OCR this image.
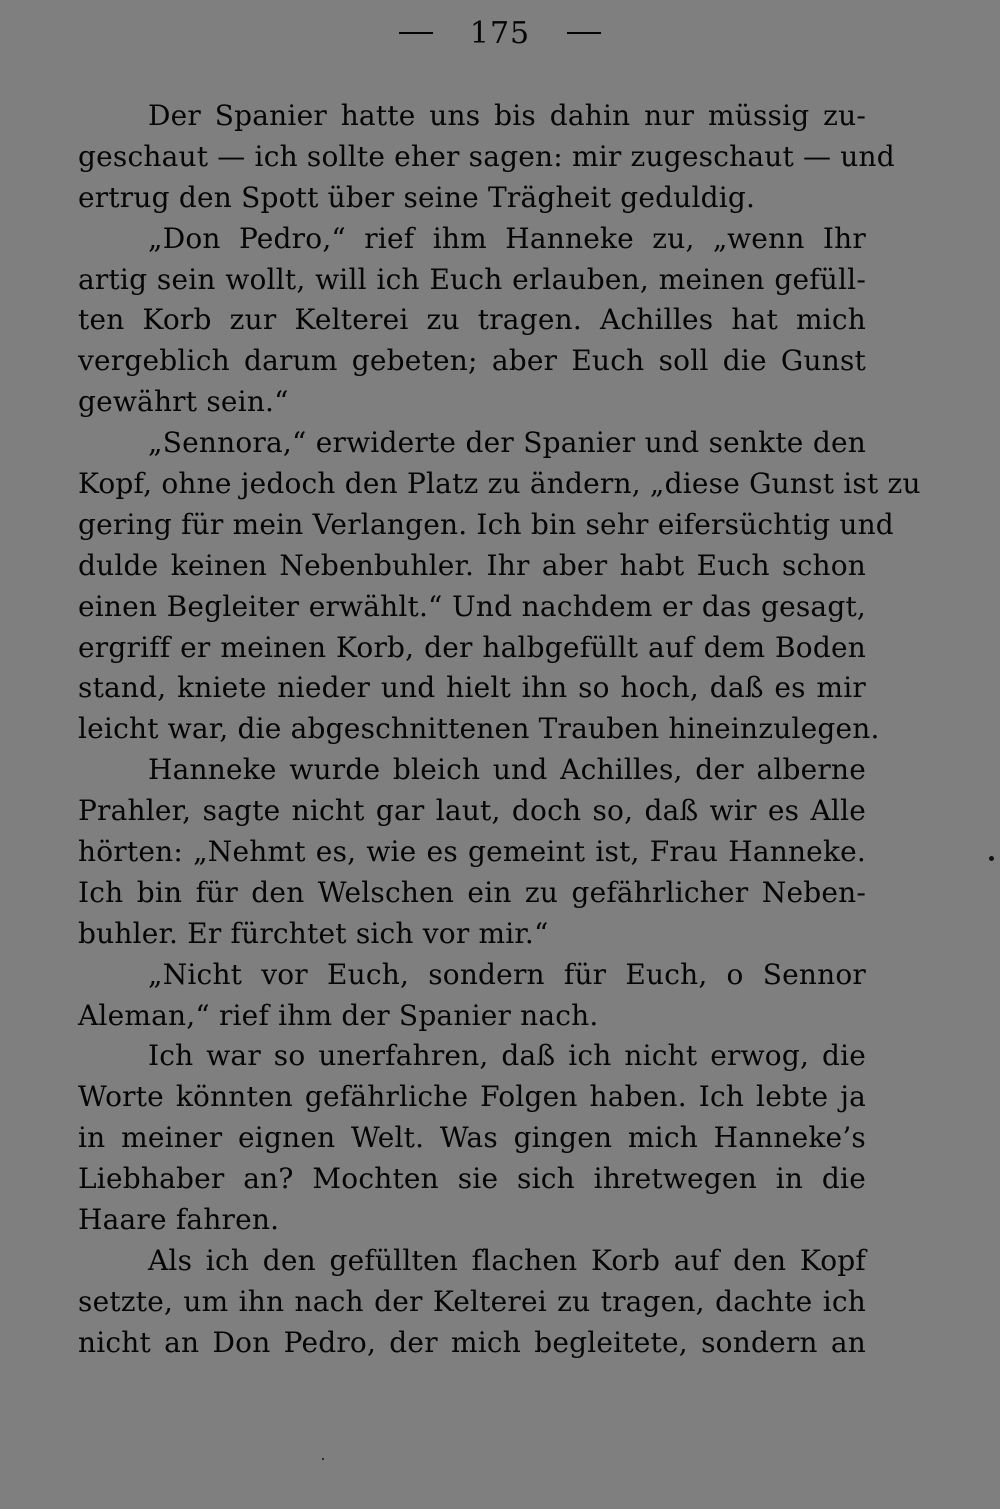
175
Der Spanier hatte uns bis dahin nur müssig zu-
geschaut — ich sollte eher sagen: mir zugeschaut — und
ertrug den Spott über seine Trägheit geduldig.
„Don Pedro,“ rief ihm Hanneke zu, „wenn Ihr
artig sein wollt, will ich Euch erlauben, meinen gefüll-
ten Korb zur Kelterei zu tragen. Achilles hat mich
vergeblich darum gebeten; aber Euch soll die Gunst
gewährt sein.“
„Sennora,“ erwiderte der Spanier und senkte den
Kopf, ohne jedoch den Platz zu ändern, „diese Gunst ist zu
gering für mein Verlangen. Ich bin sehr eifersüchtig und
dulde keinen Nebenbuhler. Ihr aber habt Euch schon
einen Begleiter erwählt.“ Und nachdem er das gesagt,
ergriff er meinen Korb, der halbgefüllt auf dem Boden
stand, kniete nieder und hielt ihn so hoch, daß es mir
leicht war, die abgeschnittenen Trauben hineinzulegen.
Hanneke wurde bleich und Achilles, der alberne
Prahler, sagte nicht gar laut, doch so, daß wir es Alle
hörten: „Nehmt es, wie es gemeint ist, Frau Hanneke.
Ich bin für den Welschen ein zu gefährlicher Neben-
buhler. Er fürchtet sich vor mir.“
„Nicht vor Euch, sondern für Euch, o Sennor
Aleman,“ rief ihm der Spanier nach.
Ich war so unerfahren, daß ich nicht erwog, die
Worte könnten gefährliche Folgen haben. Ich lebte ja
in meiner eignen Welt. Was gingen mich Hanneke’s
Liebhaber an? Mochten sie sich ihretwegen in die
Haare fahren.
Als ich den gefüllten flachen Korb auf den Kopf
setzte, um ihn nach der Kelterei zu tragen, dachte ich
nicht an Don Pedro, der mich begleitete, sondern an
